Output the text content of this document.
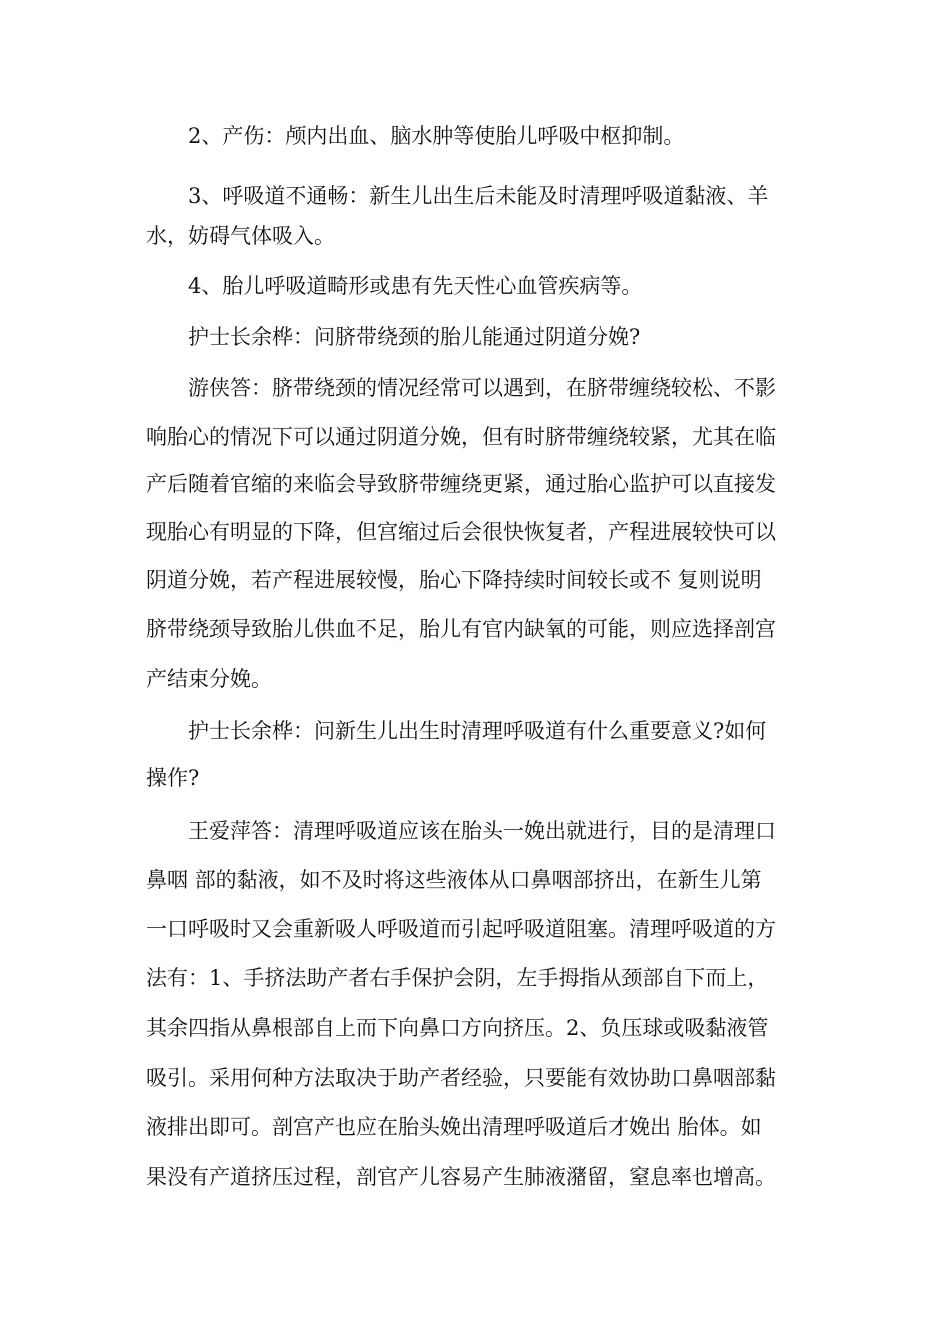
2、产伤：颅内出血、脑水肿等使胎儿呼吸中枢抑制。
3、呼吸道不通畅：新生儿出生后未能及时清理呼吸道黏液、羊
水，妨碍气体吸入。
4、胎儿呼吸道畸形或患有先天性心血管疾病等。
护士长余桦：问脐带绕颈的胎儿能通过阴道分娩?
游侠答：脐带绕颈的情况经常可以遇到，在脐带缠绕较松、不影
响胎心的情况下可以通过阴道分娩，但有时脐带缠绕较紧，尤其在临
产后随着官缩的来临会导致脐带缠绕更紧，通过胎心监护可以直接发
现胎心有明显的下降，但宫缩过后会很快恢复者，产程进展较快可以
阴道分娩，若产程进展较慢，胎心下降持续时间较长或不 复则说明
脐带绕颈导致胎儿供血不足，胎儿有官内缺氧的可能，则应选择剖宫
产结束分娩。
护士长余桦：问新生儿出生时清理呼吸道有什么重要意义?如何
操作?
王爱萍答：清理呼吸道应该在胎头一娩出就进行，目的是清理口
鼻咽 部的黏液，如不及时将这些液体从口鼻咽部挤出，在新生儿第
一口呼吸时又会重新吸人呼吸道而引起呼吸道阻塞。清理呼吸道的方
法有：1、手挤法助产者右手保护会阴，左手拇指从颈部自下而上，
其余四指从鼻根部自上而下向鼻口方向挤压。2、负压球或吸黏液管
吸引。采用何种方法取决于助产者经验，只要能有效协助口鼻咽部黏
液排出即可。剖宫产也应在胎头娩出清理呼吸道后才娩出 胎体。如
果没有产道挤压过程，剖官产儿容易产生肺液潴留，窒息率也增高。
